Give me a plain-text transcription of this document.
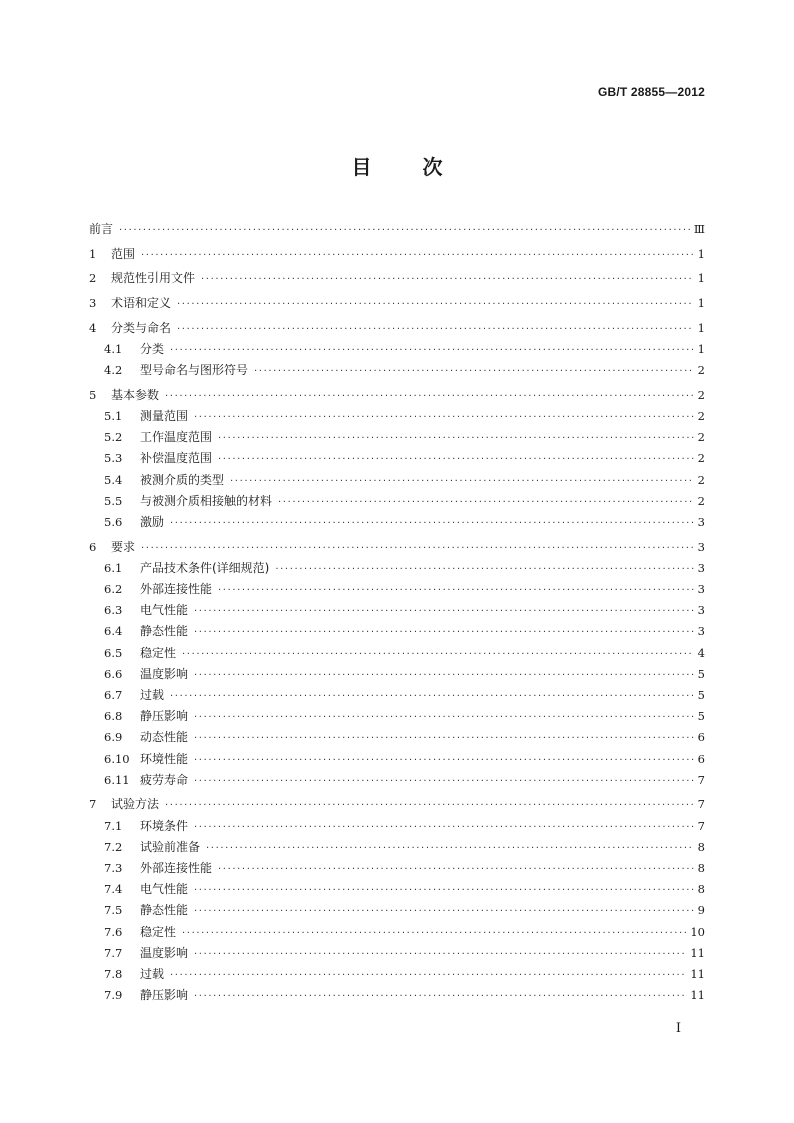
GB/T 28855—2012
目	次
前言 ·····	Ⅲ
1	范围 ·····	1
2	规范性引用文件 ·····	1
3	术语和定义 ·····	1
4	分类与命名 ·····	1
4.1	分类 ·····	1
4.2	型号命名与图形符号 ·····	2
5	基本参数 ·····	2
5.1	测量范围 ·····	2
5.2	工作温度范围 ·····	2
5.3	补偿温度范围 ·····	2
5.4	被测介质的类型 ·····	2
5.5	与被测介质相接触的材料 ·····	2
5.6	激励 ·····	3
6	要求 ·····	3
6.1	产品技术条件(详细规范) ·····	3
6.2	外部连接性能 ·····	3
6.3	电气性能 ·····	3
6.4	静态性能 ·····	3
6.5	稳定性 ·····	4
6.6	温度影响 ·····	5
6.7	过载 ·····	5
6.8	静压影响 ·····	5
6.9	动态性能 ·····	6
6.10 环境性能 ·····	6
6.11 疲劳寿命 ·····	7
7	试验方法 ·····	7
7.1	环境条件 ·····	7
7.2	试验前准备 ·····	8
7.3	外部连接性能 ·····	8
7.4	电气性能 ·····	8
7.5	静态性能 ·····	9
7.6	稳定性 ·····	10
7.7	温度影响 ·····	11
7.8	过载 ·····	11
7.9	静压影响 ·····	11
I
